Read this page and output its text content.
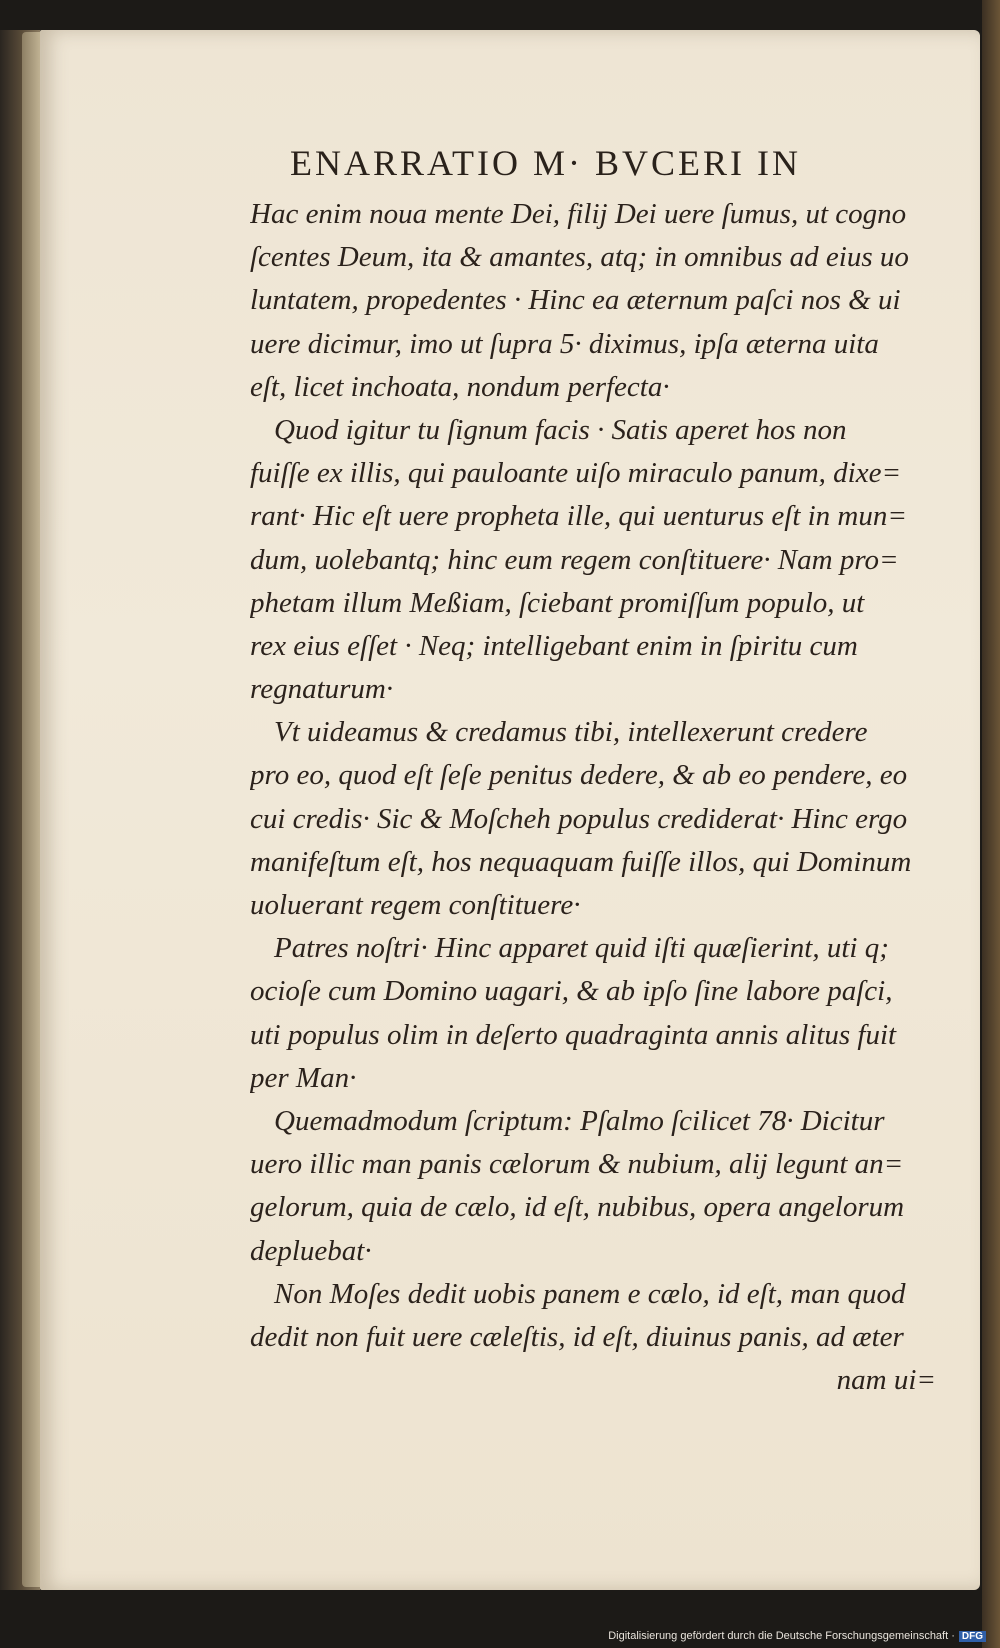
ENARRATIO M· BVCERI IN
Hac enim noua mente Dei, filij Dei uere ſumus, ut cogno
ſcentes Deum, ita & amantes, atq; in omnibus ad eius uo
luntatem, propedentes · Hinc ea æternum paſci nos & ui
uere dicimur, imo ut ſupra 5· diximus, ipſa æterna uita
eſt, licet inchoata, nondum perfecta·
Quod igitur tu ſignum facis · Satis aperet hos non
fuiſſe ex illis, qui pauloante uiſo miraculo panum, dixe=
rant· Hic eſt uere propheta ille, qui uenturus eſt in mun=
dum, uolebantq; hinc eum regem conſtituere· Nam pro=
phetam illum Meßiam, ſciebant promiſſum populo, ut
rex eius eſſet · Neq; intelligebant enim in ſpiritu cum
regnaturum·
Vt uideamus & credamus tibi, intellexerunt credere
pro eo, quod eſt ſeſe penitus dedere, & ab eo pendere, eo
cui credis· Sic & Moſcheh populus crediderat· Hinc ergo
manifeſtum eſt, hos nequaquam fuiſſe illos, qui Dominum
uoluerant regem conſtituere·
Patres noſtri· Hinc apparet quid iſti quæſierint, uti q;
ocioſe cum Domino uagari, & ab ipſo ſine labore paſci,
uti populus olim in deſerto quadraginta annis alitus fuit
per Man·
Quemadmodum ſcriptum: Pſalmo ſcilicet 78· Dicitur
uero illic man panis cælorum & nubium, alij legunt an=
gelorum, quia de cælo, id eſt, nubibus, opera angelorum
depluebat·
Non Moſes dedit uobis panem e cælo, id eſt, man quod
dedit non fuit uere cæleſtis, id eſt, diuinus panis, ad æter
nam ui=
Digitalisierung gefördert durch die Deutsche Forschungsgemeinschaft · DFG
